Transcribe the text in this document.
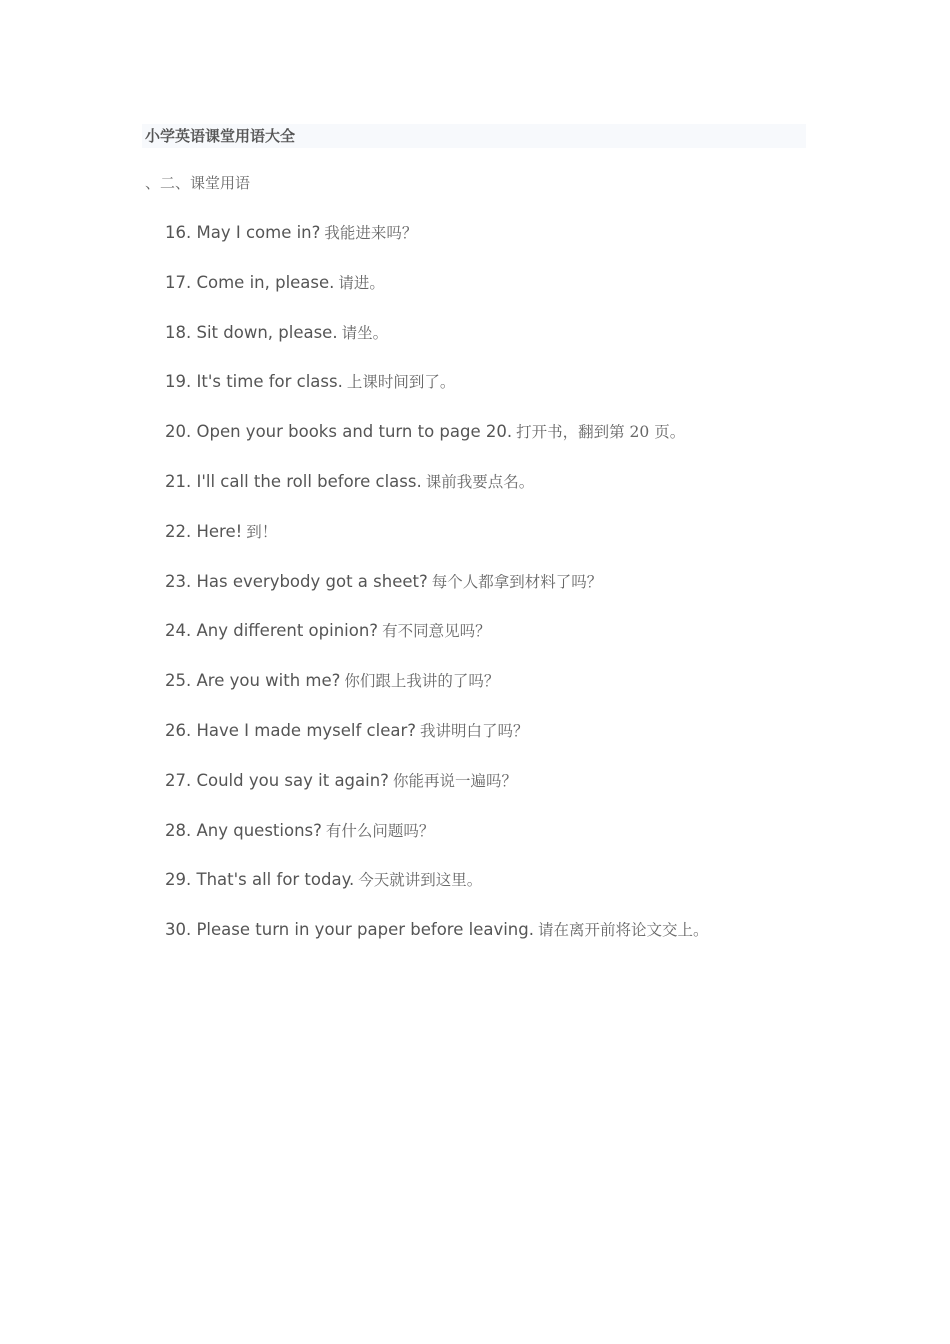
小学英语课堂用语大全
、二、课堂用语
16. May I come in? 我能进来吗？
17. Come in, please. 请进。
18. Sit down, please. 请坐。
19. It's time for class. 上课时间到了。
20. Open your books and turn to page 20. 打开书，翻到第 20 页。
21. I'll call the roll before class. 课前我要点名。
22. Here! 到！
23. Has everybody got a sheet? 每个人都拿到材料了吗？
24. Any different opinion? 有不同意见吗？
25. Are you with me? 你们跟上我讲的了吗？
26. Have I made myself clear? 我讲明白了吗？
27. Could you say it again? 你能再说一遍吗？
28. Any questions? 有什么问题吗？
29. That's all for today. 今天就讲到这里。
30. Please turn in your paper before leaving. 请在离开前将论文交上。
